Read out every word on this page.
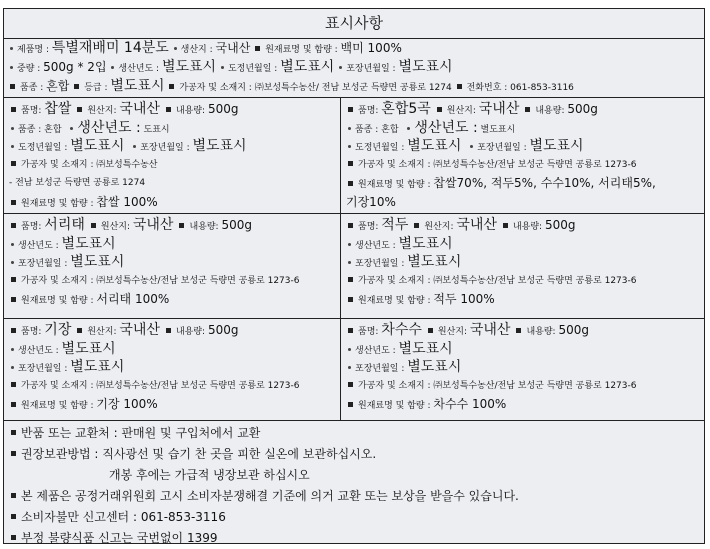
표시사항
제품명 : 특별재배미 14분도 생산지 : 국내산 원재료명 및 함량 : 백미 100%
중량 : 500g * 2입 생산년도 : 별도표시 도정년월일 : 별도표시 포장년월일 : 별도표시
품종 : 혼합 등급 : 별도표시 가공자 및 소재지 : ㈜보성특수농산/ 전남 보성군 득량면 공룡로 1274 전화번호 : 061-853-3116
품명: 찹쌀 원산지: 국내산 내용량: 500g
품종 : 혼합 생산년도 : 도표시
도정년월일 : 별도표시 포장년월일 : 별도표시
가공자 및 소재지 : ㈜보성특수농산
- 전남 보성군 득량면 공룡로 1274
원재료명 및 함량 : 찹쌀 100%
품명: 혼합5곡 원산지: 국내산 내용량: 500g
품종 : 혼합 생산년도 : 별도표시
도정년월일 : 별도표시 포장년월일 : 별도표시
가공자 및 소재지 : ㈜보성특수농산/전남 보성군 득량면 공룡로 1273-6
원재료명 및 함량 : 찹쌀70%, 적두5%, 수수10%, 서리태5%,
기장10%
품명: 서리태 원산지: 국내산 내용량: 500g
생산년도 : 별도표시
포장년월일 : 별도표시
가공자 및 소재지 : ㈜보성특수농산/전남 보성군 득량면 공룡로 1273-6
원재료명 및 함량 : 서리태 100%
품명: 적두 원산지: 국내산 내용량: 500g
생산년도 : 별도표시
포장년월일 : 별도표시
가공자 및 소재지 : ㈜보성특수농산/전남 보성군 득량면 공룡로 1273-6
원재료명 및 함량 : 적두 100%
품명: 기장 원산지: 국내산 내용량: 500g
생산년도 : 별도표시
포장년월일 : 별도표시
가공자 및 소재지 : ㈜보성특수농산/전남 보성군 득량면 공룡로 1273-6
원재료명 및 함량 : 기장 100%
품명: 차수수 원산지: 국내산 내용량: 500g
생산년도 : 별도표시
포장년월일 : 별도표시
가공자 및 소재지 : ㈜보성특수농산/전남 보성군 득량면 공룡로 1273-6
원재료명 및 함량 : 차수수 100%
반품 또는 교환처 : 판매원 및 구입처에서 교환
권장보관방법 : 직사광선 및 습기 찬 곳을 피한 실온에 보관하십시오.
개봉 후에는 가급적 냉장보관 하십시오
본 제품은 공정거래위원회 고시 소비자분쟁해결 기준에 의거 교환 또는 보상을 받을수 있습니다.
소비자불만 신고센터 : 061-853-3116
부정 불량식품 신고는 국번없이 1399
